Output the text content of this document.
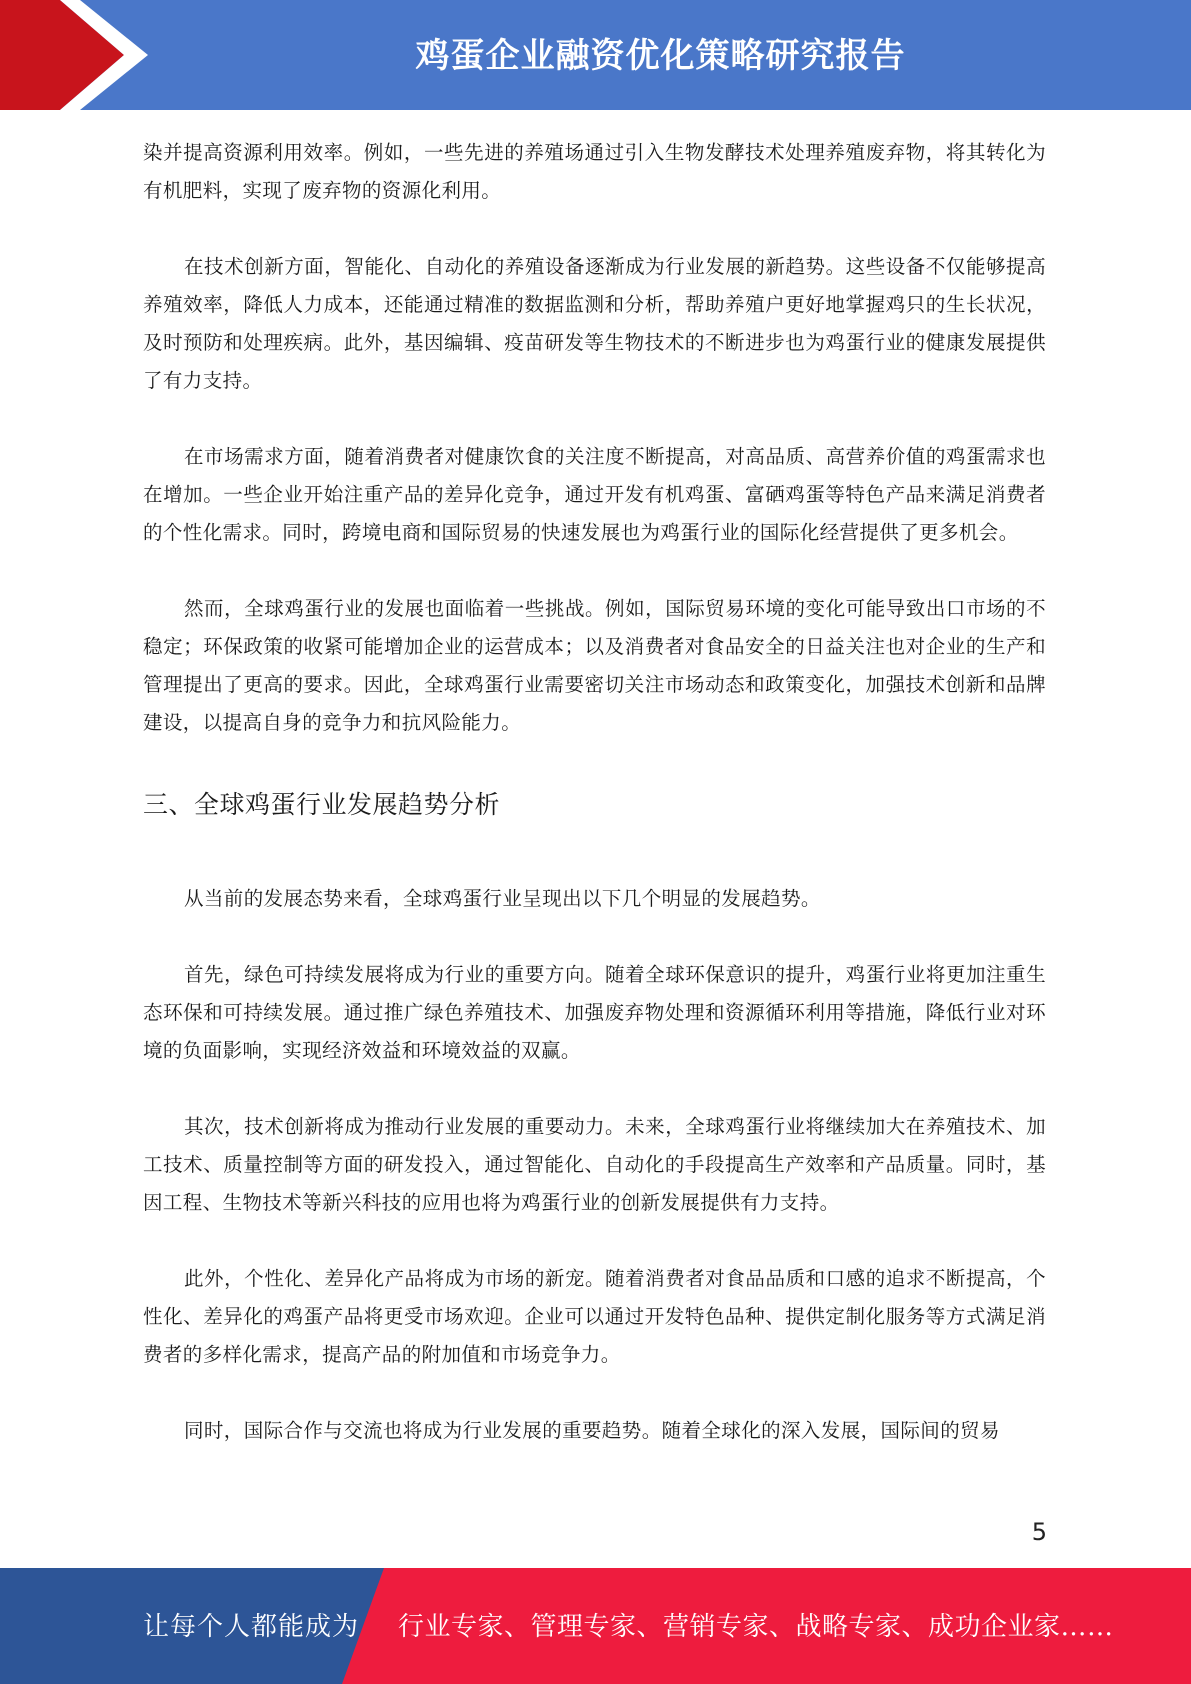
鸡蛋企业融资优化策略研究报告

染并提高资源利用效率。例如，一些先进的养殖场通过引入生物发酵技术处理养殖废弃物，将其转化为有机肥料，实现了废弃物的资源化利用。

在技术创新方面，智能化、自动化的养殖设备逐渐成为行业发展的新趋势。这些设备不仅能够提高养殖效率，降低人力成本，还能通过精准的数据监测和分析，帮助养殖户更好地掌握鸡只的生长状况，及时预防和处理疾病。此外，基因编辑、疫苗研发等生物技术的不断进步也为鸡蛋行业的健康发展提供了有力支持。

在市场需求方面，随着消费者对健康饮食的关注度不断提高，对高品质、高营养价值的鸡蛋需求也在增加。一些企业开始注重产品的差异化竞争，通过开发有机鸡蛋、富硒鸡蛋等特色产品来满足消费者的个性化需求。同时，跨境电商和国际贸易的快速发展也为鸡蛋行业的国际化经营提供了更多机会。

然而，全球鸡蛋行业的发展也面临着一些挑战。例如，国际贸易环境的变化可能导致出口市场的不稳定；环保政策的收紧可能增加企业的运营成本；以及消费者对食品安全的日益关注也对企业的生产和管理提出了更高的要求。因此，全球鸡蛋行业需要密切关注市场动态和政策变化，加强技术创新和品牌建设，以提高自身的竞争力和抗风险能力。

三、全球鸡蛋行业发展趋势分析

从当前的发展态势来看，全球鸡蛋行业呈现出以下几个明显的发展趋势。

首先，绿色可持续发展将成为行业的重要方向。随着全球环保意识的提升，鸡蛋行业将更加注重生态环保和可持续发展。通过推广绿色养殖技术、加强废弃物处理和资源循环利用等措施，降低行业对环境的负面影响，实现经济效益和环境效益的双赢。

其次，技术创新将成为推动行业发展的重要动力。未来，全球鸡蛋行业将继续加大在养殖技术、加工技术、质量控制等方面的研发投入，通过智能化、自动化的手段提高生产效率和产品质量。同时，基因工程、生物技术等新兴科技的应用也将为鸡蛋行业的创新发展提供有力支持。

此外，个性化、差异化产品将成为市场的新宠。随着消费者对食品品质和口感的追求不断提高，个性化、差异化的鸡蛋产品将更受市场欢迎。企业可以通过开发特色品种、提供定制化服务等方式满足消费者的多样化需求，提高产品的附加值和市场竞争力。

同时，国际合作与交流也将成为行业发展的重要趋势。随着全球化的深入发展，国际间的贸易

5
让每个人都能成为 行业专家、管理专家、营销专家、战略专家、成功企业家……
